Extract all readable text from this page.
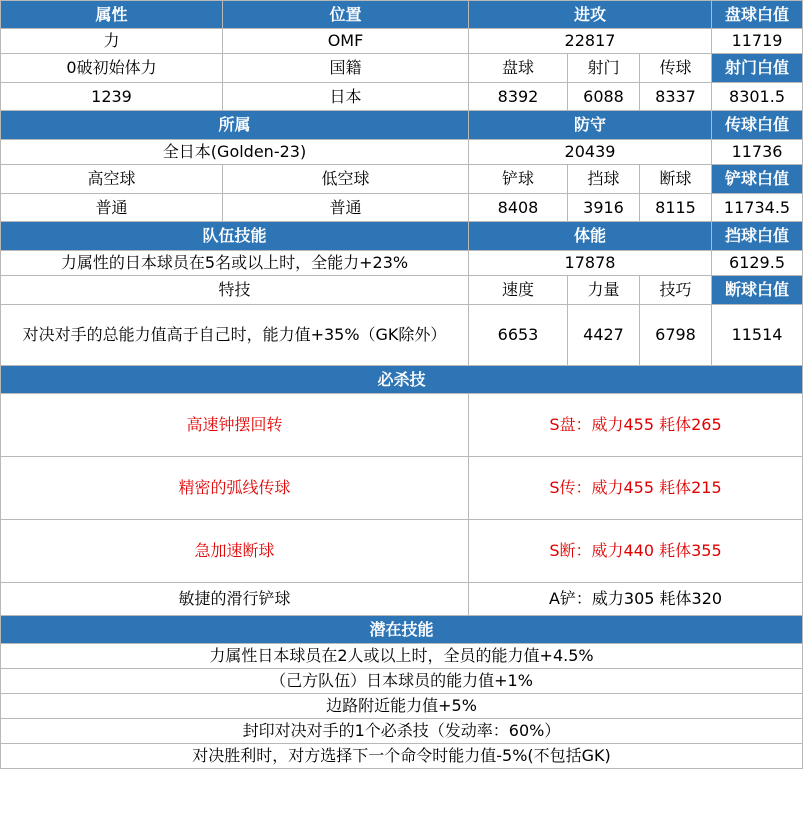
属性	位置	进攻			盘球白值
力	OMF	22817			11719
0破初始体力	国籍	盘球	射门	传球	射门白值
1239	日本	8392	6088	8337	8301.5
所属		防守			传球白值
全日本(Golden-23)		20439			11736
高空球	低空球	铲球	挡球	断球	铲球白值
普通	普通	8408	3916	8115	11734.5
队伍技能		体能			挡球白值
力属性的日本球员在5名或以上时，全能力+23%		17878			6129.5
特技		速度	力量	技巧	断球白值
对决对手的总能力值高于自己时，能力值+35%（GK除外）		6653	4427	6798	11514
必杀技					
高速钟摆回转		S盘：威力455 耗体265			
精密的弧线传球		S传：威力455 耗体215			
急加速断球		S断：威力440 耗体355			
敏捷的滑行铲球		A铲：威力305 耗体320			
潜在技能					
力属性日本球员在2人或以上时，全员的能力值+4.5%					
（己方队伍）日本球员的能力值+1%					
边路附近能力值+5%					
封印对决对手的1个必杀技（发动率：60%）					
对决胜利时，对方选择下一个命令时能力值-5%(不包括GK)					
